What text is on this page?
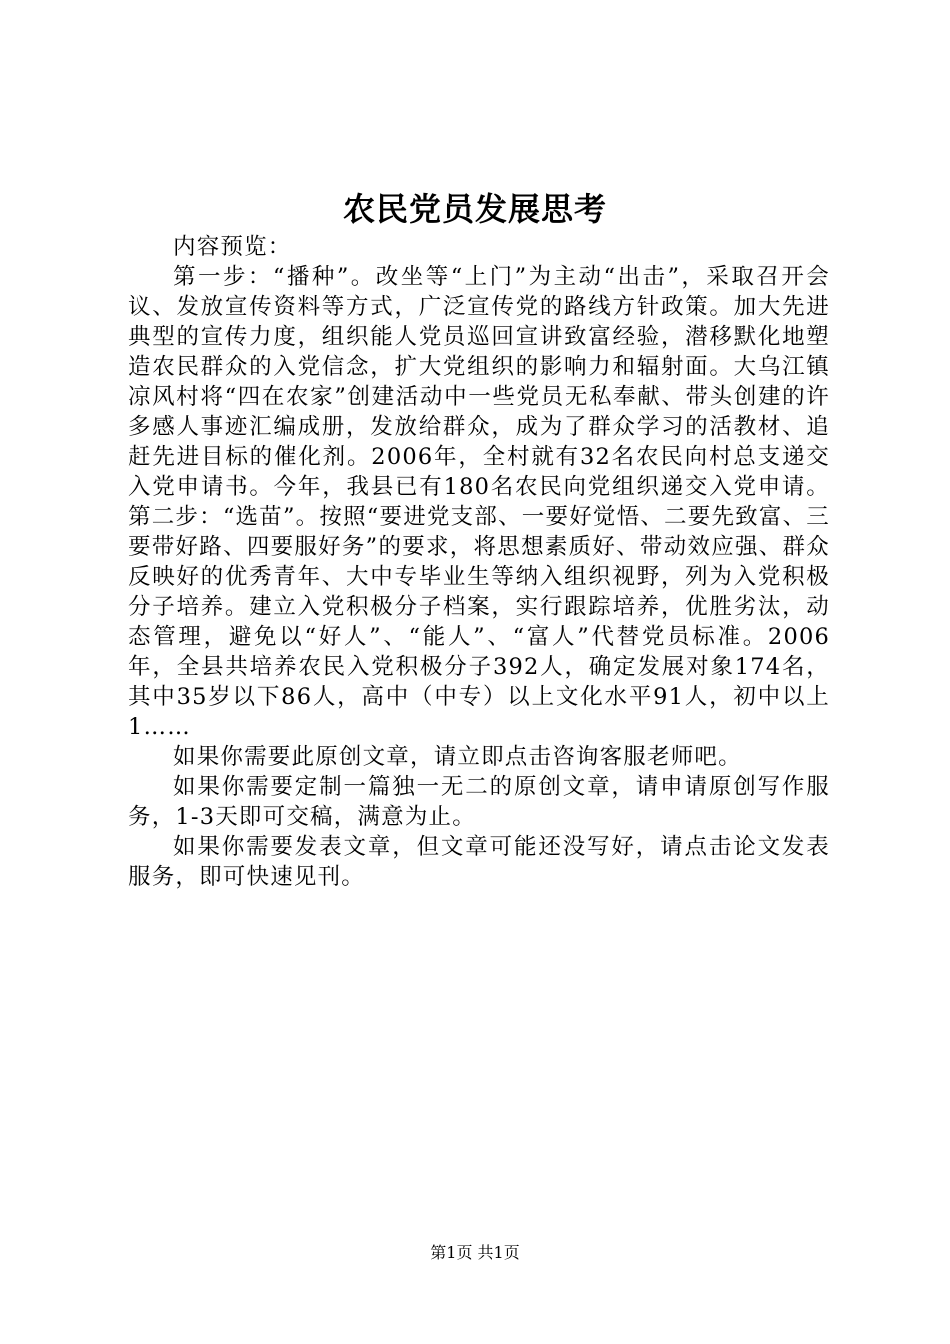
农民党员发展思考

内容预览：

第一步：“播种”。改坐等“上门”为主动“出击”，采取召开会议、发放宣传资料等方式，广泛宣传党的路线方针政策。加大先进典型的宣传力度，组织能人党员巡回宣讲致富经验，潜移默化地塑造农民群众的入党信念，扩大党组织的影响力和辐射面。大乌江镇凉风村将“四在农家”创建活动中一些党员无私奉献、带头创建的许多感人事迹汇编成册，发放给群众，成为了群众学习的活教材、追赶先进目标的催化剂。2006年，全村就有32名农民向村总支递交入党申请书。今年，我县已有180名农民向党组织递交入党申请。第二步：“选苗”。按照“要进党支部、一要好觉悟、二要先致富、三要带好路、四要服好务”的要求，将思想素质好、带动效应强、群众反映好的优秀青年、大中专毕业生等纳入组织视野，列为入党积极分子培养。建立入党积极分子档案，实行跟踪培养，优胜劣汰，动态管理，避免以“好人”、“能人”、“富人”代替党员标准。2006年，全县共培养农民入党积极分子392人，确定发展对象174名，其中35岁以下86人，高中（中专）以上文化水平91人，初中以上1……

如果你需要此原创文章，请立即点击咨询客服老师吧。

如果你需要定制一篇独一无二的原创文章，请申请原创写作服务，1-3天即可交稿，满意为止。

如果你需要发表文章，但文章可能还没写好，请点击论文发表服务，即可快速见刊。

第1页 共1页
